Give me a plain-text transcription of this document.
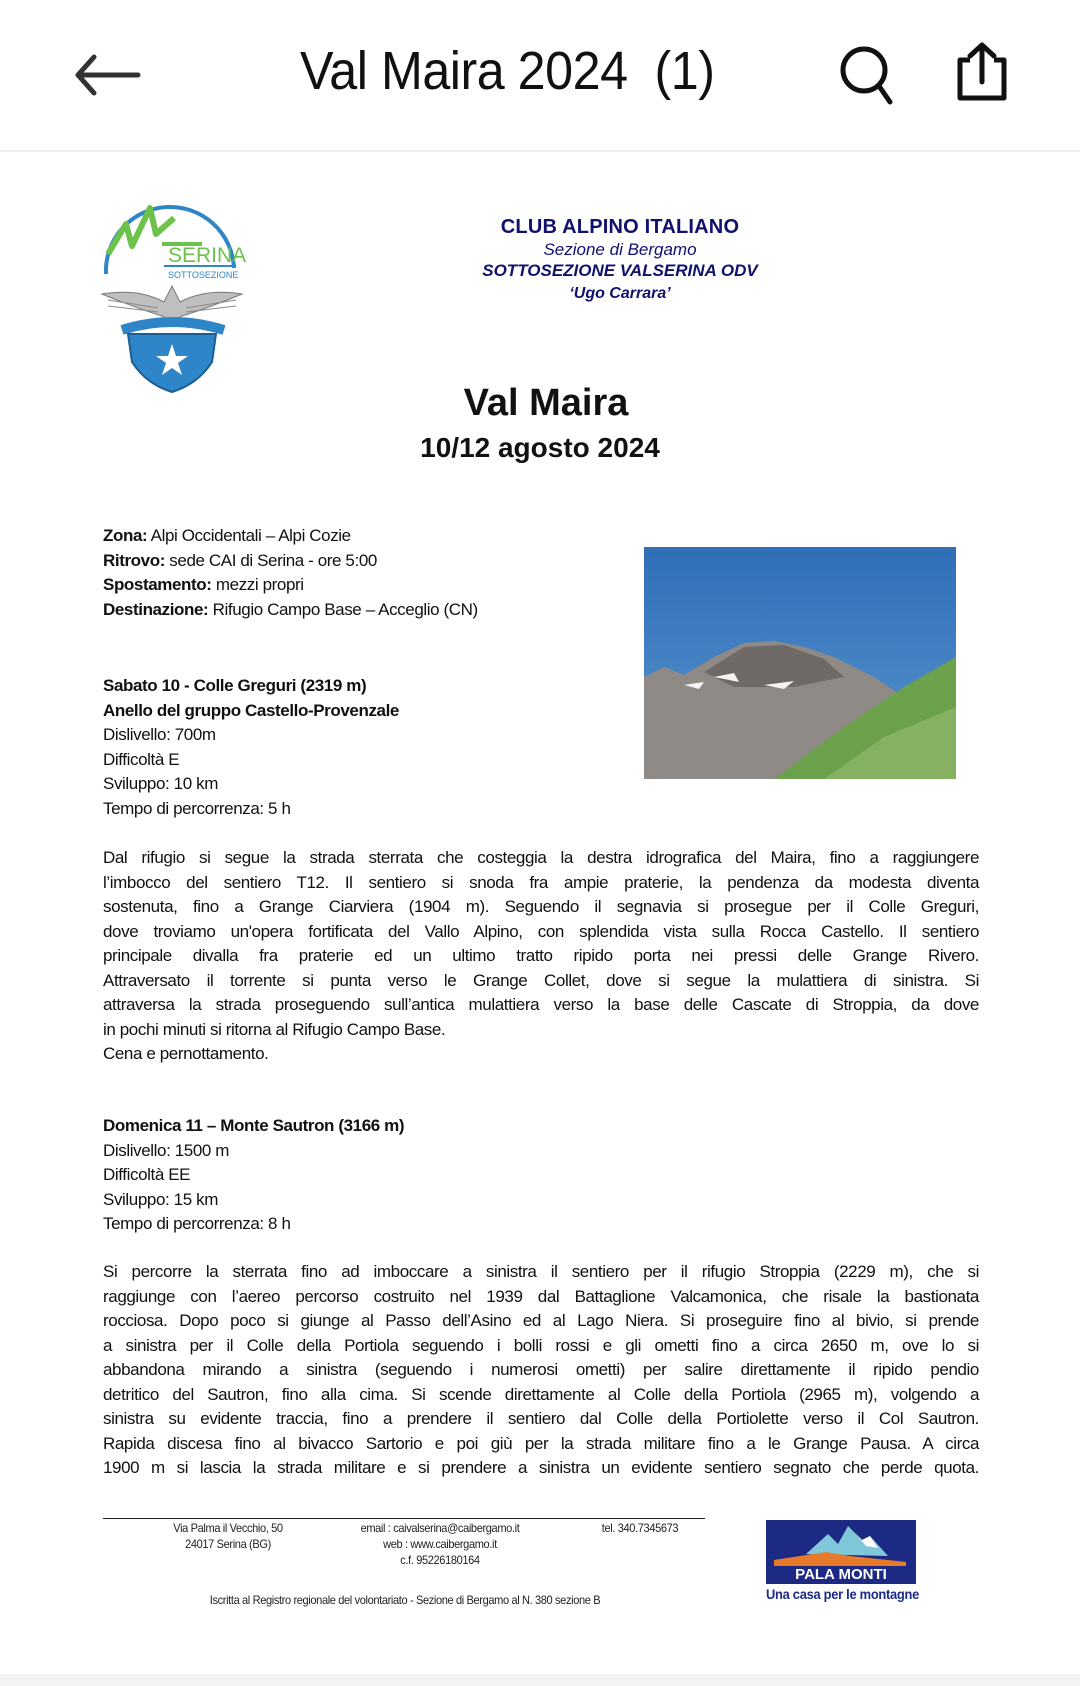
Val Maira 2024  (1)
SERINA
SOTTOSEZIONE
CLUB ALPINO ITALIANO
Sezione di Bergamo
SOTTOSEZIONE VALSERINA ODV
‘Ugo Carrara’
Val Maira
10/12 agosto 2024
Zona: Alpi Occidentali – Alpi Cozie
Ritrovo: sede CAI di Serina - ore 5:00
Spostamento: mezzi propri
Destinazione: Rifugio Campo Base – Acceglio (CN)
Sabato 10 - Colle Greguri (2319 m)
Anello del gruppo Castello-Provenzale
Dislivello: 700m
Difficoltà E
Sviluppo: 10 km
Tempo di percorrenza: 5 h
Dal rifugio si segue la strada sterrata che costeggia la destra idrografica del Maira, fino a raggiungere
l’imbocco del sentiero T12. Il sentiero si snoda fra ampie praterie, la pendenza da modesta diventa
sostenuta, fino a Grange Ciarviera (1904 m). Seguendo il segnavia si prosegue per il Colle Greguri,
dove troviamo un'opera fortificata del Vallo Alpino, con splendida vista sulla Rocca Castello. Il sentiero
principale divalla fra praterie ed un ultimo tratto ripido porta nei pressi delle Grange Rivero.
Attraversato il torrente si punta verso le Grange Collet, dove si segue la mulattiera di sinistra. Si
attraversa la strada proseguendo sull’antica mulattiera verso la base delle Cascate di Stroppia, da dove
in pochi minuti si ritorna al Rifugio Campo Base.
Cena e pernottamento.
Domenica 11 – Monte Sautron (3166 m)
Dislivello: 1500 m
Difficoltà EE
Sviluppo: 15 km
Tempo di percorrenza: 8 h
Si percorre la sterrata fino ad imboccare a sinistra il sentiero per il rifugio Stroppia (2229 m), che si
raggiunge con l’aereo percorso costruito nel 1939 dal Battaglione Valcamonica, che risale la bastionata
rocciosa. Dopo poco si giunge al Passo dell’Asino ed al Lago Niera. Si proseguire fino al bivio, si prende
a sinistra per il Colle della Portiola seguendo i bolli rossi e gli ometti fino a circa 2650 m, ove lo si
abbandona mirando a sinistra (seguendo i numerosi ometti) per salire direttamente il ripido pendio
detritico del Sautron, fino alla cima. Si scende direttamente al Colle della Portiola (2965 m), volgendo a
sinistra su evidente traccia, fino a prendere il sentiero dal Colle della Portiolette verso il Col Sautron.
Rapida discesa fino al bivacco Sartorio e poi giù per la strada militare fino a le Grange Pausa. A circa
1900 m si lascia la strada militare e si prendere a sinistra un evidente sentiero segnato che perde quota.
Via Palma il Vecchio, 50
24017 Serina (BG)
email : caivalserina@caibergamo.it
web : www.caibergamo.it
c.f. 95226180164
tel. 340.7345673
Iscritta al Registro regionale del volontariato - Sezione di Bergamo al N. 380 sezione B
PALA MONTI
Una casa per le montagne
